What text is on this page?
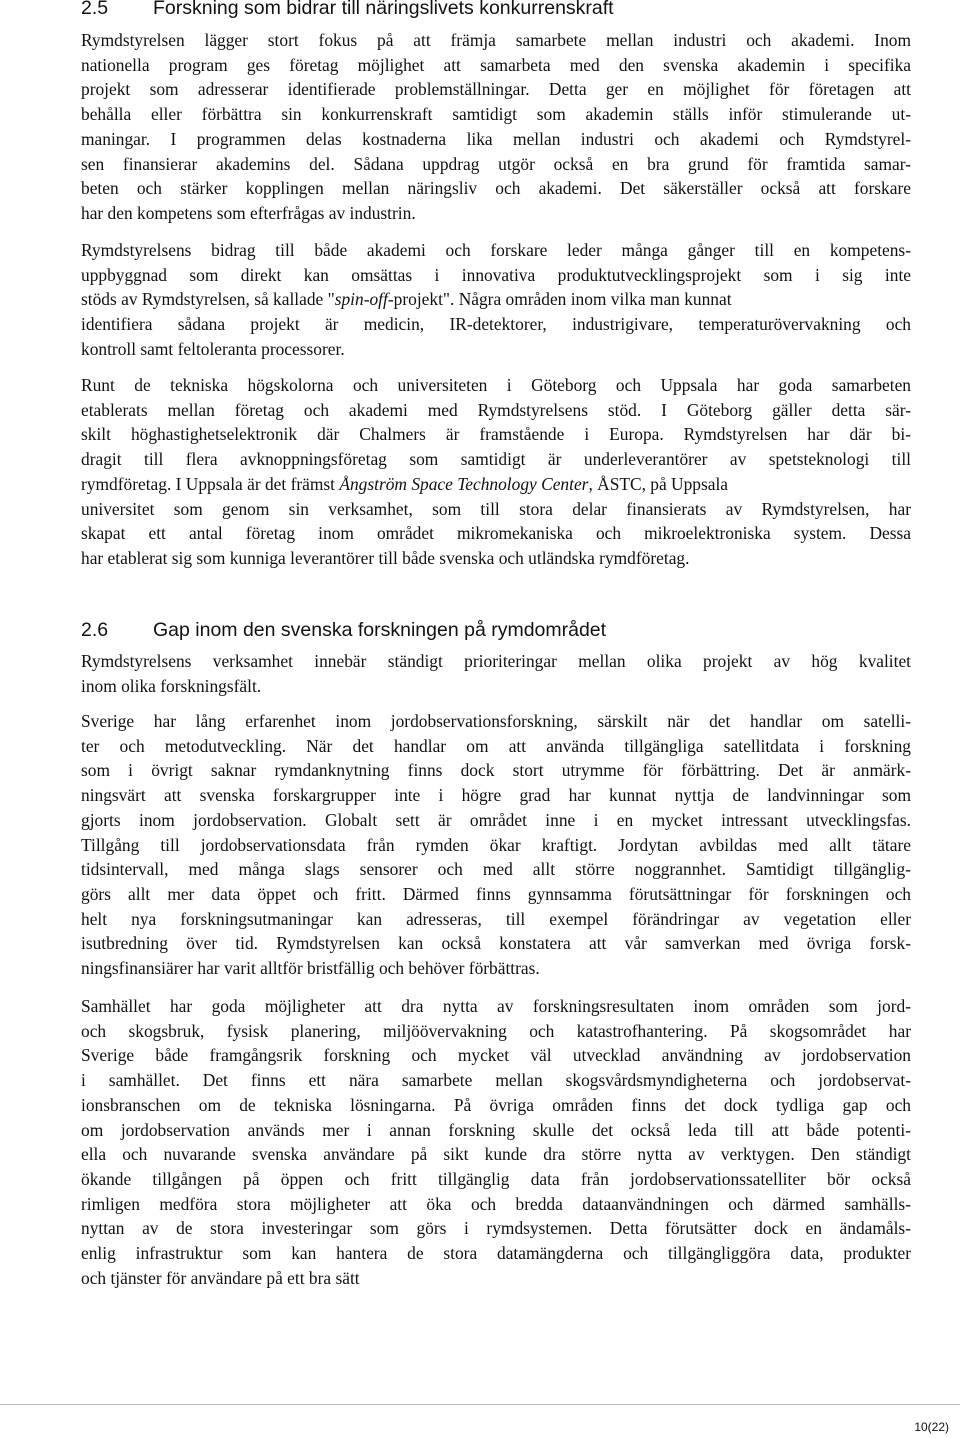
2.5 Forskning som bidrar till näringslivets konkurrenskraft
Rymdstyrelsen lägger stort fokus på att främja samarbete mellan industri och akademi. Inom
nationella program ges företag möjlighet att samarbeta med den svenska akademin i specifika
projekt som adresserar identifierade problemställningar. Detta ger en möjlighet för företagen att
behålla eller förbättra sin konkurrenskraft samtidigt som akademin ställs inför stimulerande ut-
maningar. I programmen delas kostnaderna lika mellan industri och akademi och Rymdstyrel-
sen finansierar akademins del. Sådana uppdrag utgör också en bra grund för framtida samar-
beten och stärker kopplingen mellan näringsliv och akademi. Det säkerställer också att forskare
har den kompetens som efterfrågas av industrin.
Rymdstyrelsens bidrag till både akademi och forskare leder många gånger till en kompetens-
uppbyggnad som direkt kan omsättas i innovativa produktutvecklingsprojekt som i sig inte
stöds av Rymdstyrelsen, så kallade "spin-off-projekt". Några områden inom vilka man kunnat
identifiera sådana projekt är medicin, IR-detektorer, industrigivare, temperaturövervakning och
kontroll samt feltoleranta processorer.
Runt de tekniska högskolorna och universiteten i Göteborg och Uppsala har goda samarbeten
etablerats mellan företag och akademi med Rymdstyrelsens stöd. I Göteborg gäller detta sär-
skilt höghastighetselektronik där Chalmers är framstående i Europa. Rymdstyrelsen har där bi-
dragit till flera avknoppningsföretag som samtidigt är underleverantörer av spetsteknologi till
rymdföretag. I Uppsala är det främst Ångström Space Technology Center, ÅSTC, på Uppsala
universitet som genom sin verksamhet, som till stora delar finansierats av Rymdstyrelsen, har
skapat ett antal företag inom området mikromekaniska och mikroelektroniska system. Dessa
har etablerat sig som kunniga leverantörer till både svenska och utländska rymdföretag.
2.6 Gap inom den svenska forskningen på rymdområdet
Rymdstyrelsens verksamhet innebär ständigt prioriteringar mellan olika projekt av hög kvalitet
inom olika forskningsfält.
Sverige har lång erfarenhet inom jordobservationsforskning, särskilt när det handlar om satelli-
ter och metodutveckling. När det handlar om att använda tillgängliga satellitdata i forskning
som i övrigt saknar rymdanknytning finns dock stort utrymme för förbättring. Det är anmärk-
ningsvärt att svenska forskargrupper inte i högre grad har kunnat nyttja de landvinningar som
gjorts inom jordobservation. Globalt sett är området inne i en mycket intressant utvecklingsfas.
Tillgång till jordobservationsdata från rymden ökar kraftigt. Jordytan avbildas med allt tätare
tidsintervall, med många slags sensorer och med allt större noggrannhet. Samtidigt tillgänglig-
görs allt mer data öppet och fritt. Därmed finns gynnsamma förutsättningar för forskningen och
helt nya forskningsutmaningar kan adresseras, till exempel förändringar av vegetation eller
isutbredning över tid. Rymdstyrelsen kan också konstatera att vår samverkan med övriga forsk-
ningsfinansiärer har varit alltför bristfällig och behöver förbättras.
Samhället har goda möjligheter att dra nytta av forskningsresultaten inom områden som jord-
och skogsbruk, fysisk planering, miljöövervakning och katastrofhantering. På skogsområdet har
Sverige både framgångsrik forskning och mycket väl utvecklad användning av jordobservation
i samhället. Det finns ett nära samarbete mellan skogsvårdsmyndigheterna och jordobservat-
ionsbranschen om de tekniska lösningarna. På övriga områden finns det dock tydliga gap och
om jordobservation används mer i annan forskning skulle det också leda till att både potenti-
ella och nuvarande svenska användare på sikt kunde dra större nytta av verktygen. Den ständigt
ökande tillgången på öppen och fritt tillgänglig data från jordobservationssatelliter bör också
rimligen medföra stora möjligheter att öka och bredda dataanvändningen och därmed samhälls-
nyttan av de stora investeringar som görs i rymdsystemen. Detta förutsätter dock en ändamåls-
enlig infrastruktur som kan hantera de stora datamängderna och tillgängliggöra data, produkter
och tjänster för användare på ett bra sätt
10(22)
